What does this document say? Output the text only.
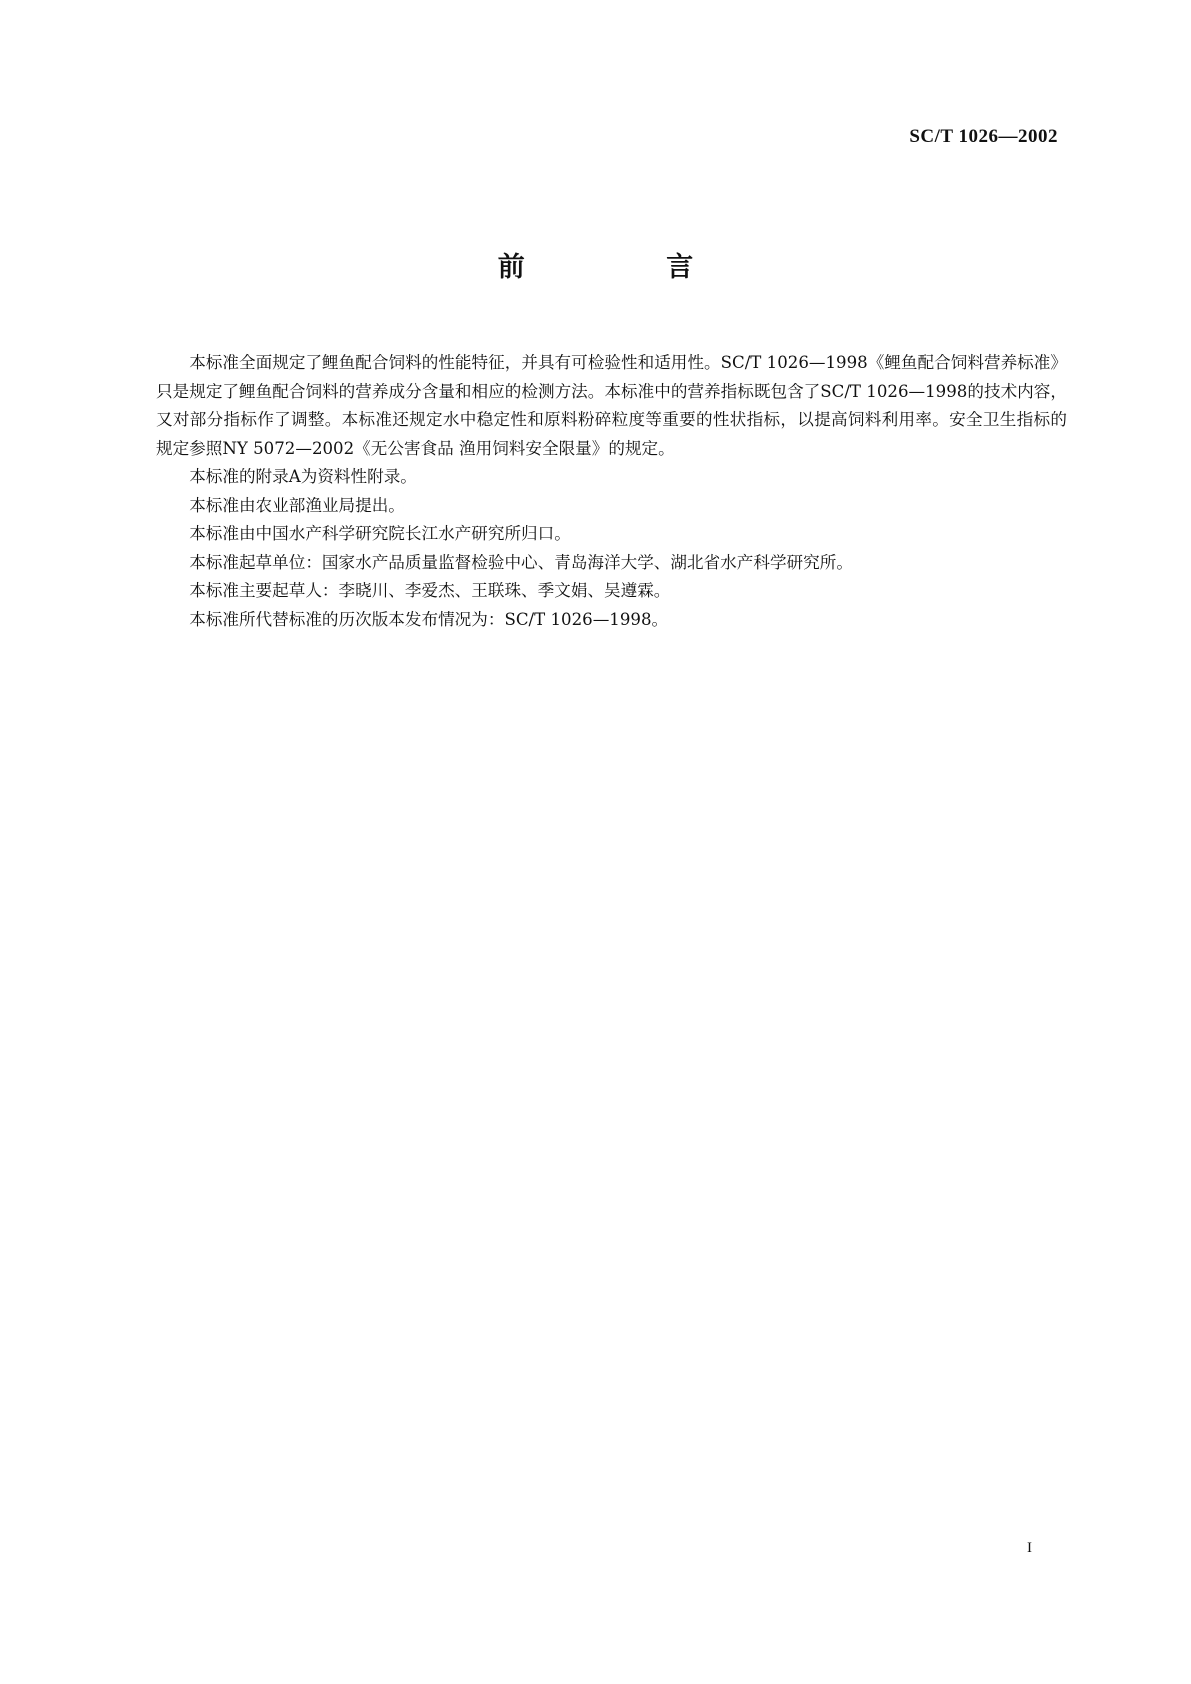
SC/T 1026—2002
前 言

本标准全面规定了鲤鱼配合饲料的性能特征，并具有可检验性和适用性。SC/T 1026—1998《鲤鱼配合饲料营养标准》只是规定了鲤鱼配合饲料的营养成分含量和相应的检测方法。本标准中的营养指标既包含了SC/T 1026—1998的技术内容，又对部分指标作了调整。本标准还规定水中稳定性和原料粉碎粒度等重要的性状指标，以提高饲料利用率。安全卫生指标的规定参照NY 5072—2002《无公害食品 渔用饲料安全限量》的规定。

本标准的附录A为资料性附录。

本标准由农业部渔业局提出。

本标准由中国水产科学研究院长江水产研究所归口。

本标准起草单位：国家水产品质量监督检验中心、青岛海洋大学、湖北省水产科学研究所。

本标准主要起草人：李晓川、李爱杰、王联珠、季文娟、吴遵霖。

本标准所代替标准的历次版本发布情况为：SC/T 1026—1998。

I
